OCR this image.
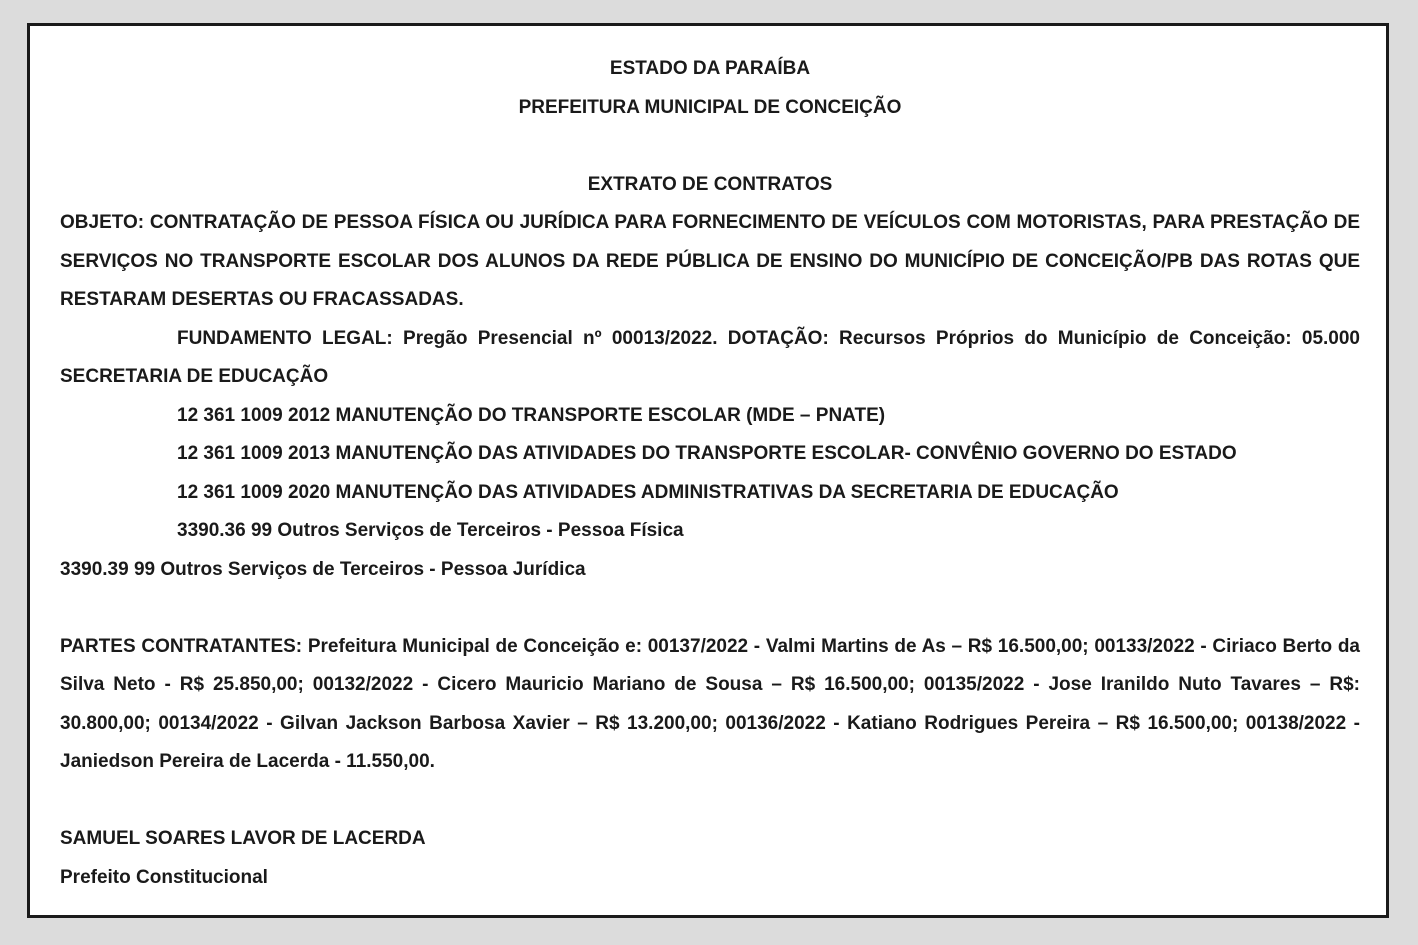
ESTADO DA PARAÍBA

PREFEITURA MUNICIPAL DE CONCEIÇÃO

EXTRATO DE CONTRATOS

OBJETO: CONTRATAÇÃO DE PESSOA FÍSICA OU JURÍDICA PARA FORNECIMENTO DE VEÍCULOS COM MOTORISTAS, PARA PRESTAÇÃO DE SERVIÇOS NO TRANSPORTE ESCOLAR DOS ALUNOS DA REDE PÚBLICA DE ENSINO DO MUNICÍPIO DE CONCEIÇÃO/PB DAS ROTAS QUE RESTARAM DESERTAS OU FRACASSADAS.

FUNDAMENTO LEGAL: Pregão Presencial nº 00013/2022. DOTAÇÃO: Recursos Próprios do Município de Conceição: 05.000 SECRETARIA DE EDUCAÇÃO

12 361 1009 2012 MANUTENÇÃO DO TRANSPORTE ESCOLAR (MDE – PNATE)

12 361 1009 2013 MANUTENÇÃO DAS ATIVIDADES DO TRANSPORTE ESCOLAR- CONVÊNIO GOVERNO DO ESTADO

12 361 1009 2020 MANUTENÇÃO DAS ATIVIDADES ADMINISTRATIVAS DA SECRETARIA DE EDUCAÇÃO

3390.36 99 Outros Serviços de Terceiros - Pessoa Física

3390.39 99 Outros Serviços de Terceiros - Pessoa Jurídica

PARTES CONTRATANTES: Prefeitura Municipal de Conceição e: 00137/2022 - Valmi Martins de As – R$ 16.500,00; 00133/2022 - Ciriaco Berto da Silva Neto - R$ 25.850,00; 00132/2022 - Cicero Mauricio Mariano de Sousa – R$ 16.500,00; 00135/2022 - Jose Iranildo Nuto Tavares – R$: 30.800,00; 00134/2022 - Gilvan Jackson Barbosa Xavier – R$ 13.200,00; 00136/2022 - Katiano Rodrigues Pereira – R$ 16.500,00; 00138/2022 - Janiedson Pereira de Lacerda - 11.550,00.

SAMUEL SOARES LAVOR DE LACERDA

Prefeito Constitucional
